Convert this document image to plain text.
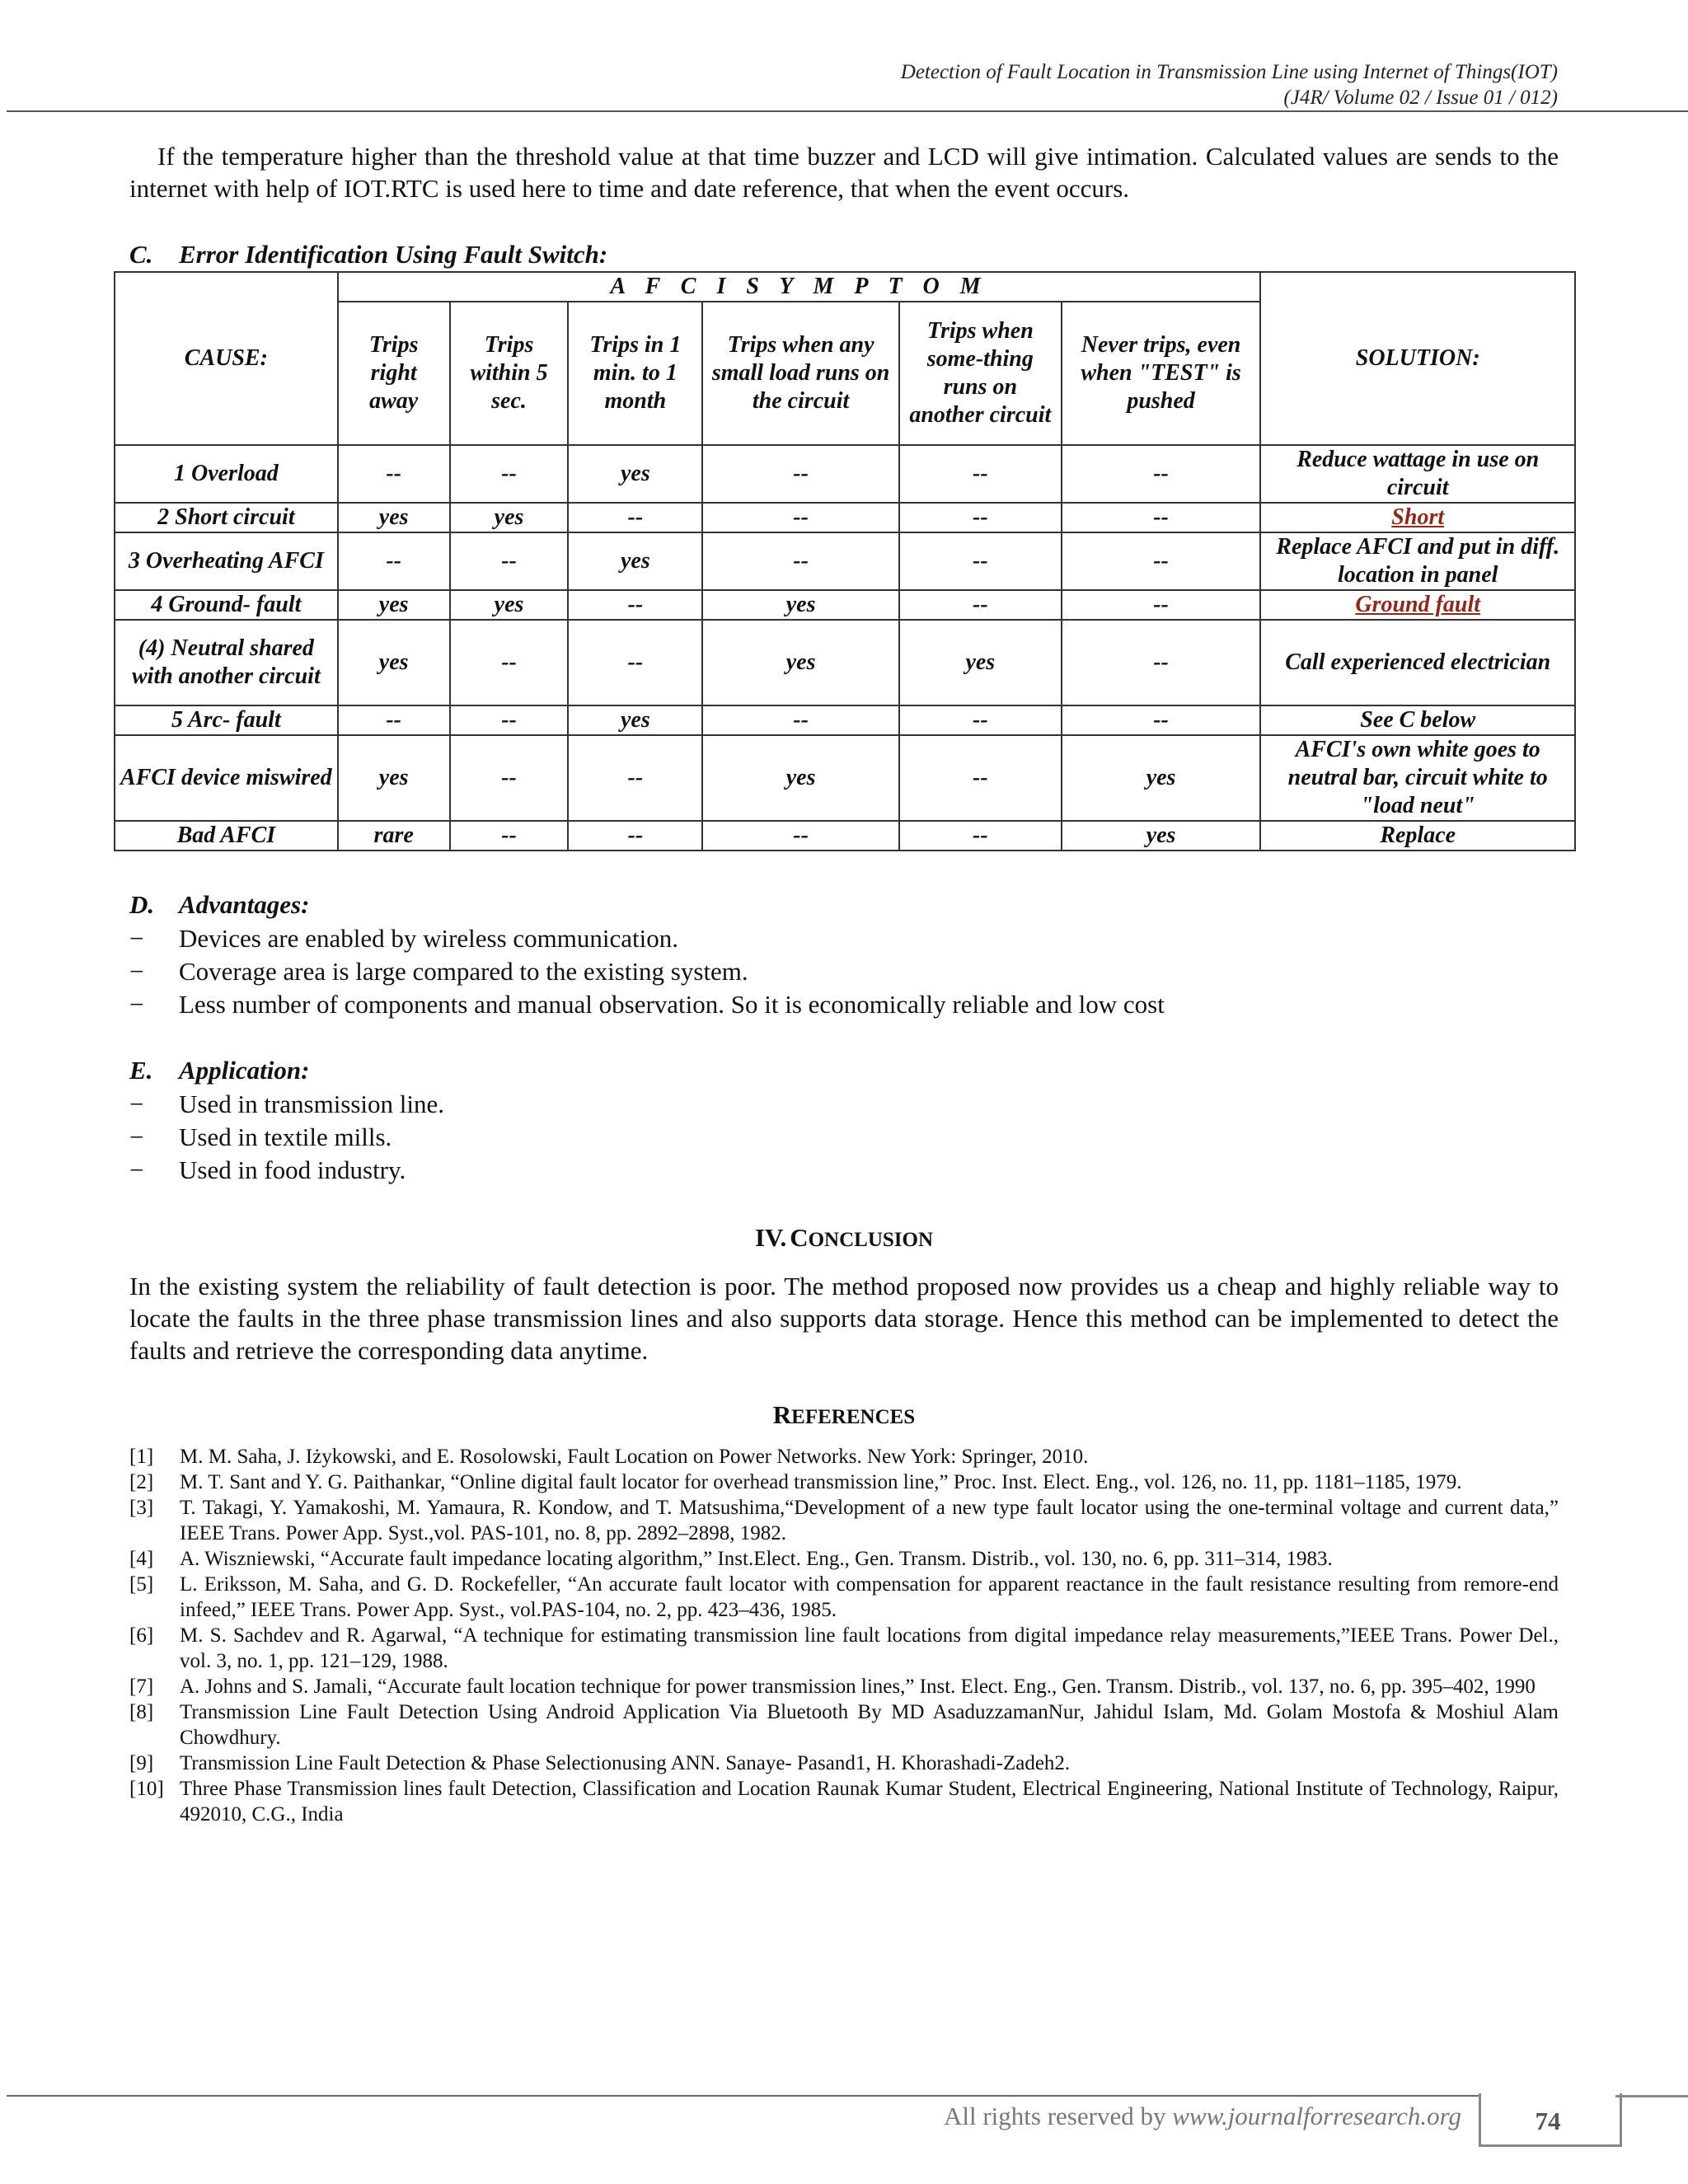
Detection of Fault Location in Transmission Line using Internet of Things(IOT)
(J4R/ Volume 02 / Issue 01 / 012)
If the temperature higher than the threshold value at that time buzzer and LCD will give intimation. Calculated values are sends to the internet with help of IOT.RTC is used here to time and date reference, that when the event occurs.
C. Error Identification Using Fault Switch:
CAUSE:	A F C I S Y M P T O M						SOLUTION:
	Trips right away	Trips within 5 sec.	Trips in 1 min. to 1 month	Trips when any small load runs on the circuit	Trips when some-thing runs on another circuit	Never trips, even when "TEST" is pushed	
1 Overload	--	--	yes	--	--	--	Reduce wattage in use on circuit
2 Short circuit	yes	yes	--	--	--	--	Short
3 Overheating AFCI	--	--	yes	--	--	--	Replace AFCI and put in diff. location in panel
4 Ground- fault	yes	yes	--	yes	--	--	Ground fault
(4) Neutral shared with another circuit	yes	--	--	yes	yes	--	Call experienced electrician
5 Arc- fault	--	--	yes	--	--	--	See C below
AFCI device miswired	yes	--	--	yes	--	yes	AFCI's own white goes to neutral bar, circuit white to "load neut"
Bad AFCI	rare	--	--	--	--	yes	Replace
D. Advantages:
− Devices are enabled by wireless communication.
− Coverage area is large compared to the existing system.
− Less number of components and manual observation. So it is economically reliable and low cost
E. Application:
− Used in transmission line.
− Used in textile mills.
− Used in food industry.
IV. CONCLUSION
In the existing system the reliability of fault detection is poor. The method proposed now provides us a cheap and highly reliable way to locate the faults in the three phase transmission lines and also supports data storage. Hence this method can be implemented to detect the faults and retrieve the corresponding data anytime.
REFERENCES
[1] M. M. Saha, J. Iżykowski, and E. Rosolowski, Fault Location on Power Networks. New York: Springer, 2010.
[2] M. T. Sant and Y. G. Paithankar, “Online digital fault locator for overhead transmission line,” Proc. Inst. Elect. Eng., vol. 126, no. 11, pp. 1181–1185, 1979.
[3] T. Takagi, Y. Yamakoshi, M. Yamaura, R. Kondow, and T. Matsushima,“Development of a new type fault locator using the one-terminal voltage and current data,” IEEE Trans. Power App. Syst.,vol. PAS-101, no. 8, pp. 2892–2898, 1982.
[4] A. Wiszniewski, “Accurate fault impedance locating algorithm,” Inst.Elect. Eng., Gen. Transm. Distrib., vol. 130, no. 6, pp. 311–314, 1983.
[5] L. Eriksson, M. Saha, and G. D. Rockefeller, “An accurate fault locator with compensation for apparent reactance in the fault resistance resulting from remore-end infeed,” IEEE Trans. Power App. Syst., vol.PAS-104, no. 2, pp. 423–436, 1985.
[6] M. S. Sachdev and R. Agarwal, “A technique for estimating transmission line fault locations from digital impedance relay measurements,”IEEE Trans. Power Del., vol. 3, no. 1, pp. 121–129, 1988.
[7] A. Johns and S. Jamali, “Accurate fault location technique for power transmission lines,” Inst. Elect. Eng., Gen. Transm. Distrib., vol. 137, no. 6, pp. 395–402, 1990
[8] Transmission Line Fault Detection Using Android Application Via Bluetooth By MD AsaduzzamanNur, Jahidul Islam, Md. Golam Mostofa & Moshiul Alam Chowdhury.
[9] Transmission Line Fault Detection & Phase Selectionusing ANN. Sanaye- Pasand1, H. Khorashadi-Zadeh2.
[10] Three Phase Transmission lines fault Detection, Classification and Location Raunak Kumar Student, Electrical Engineering, National Institute of Technology, Raipur, 492010, C.G., India
All rights reserved by www.journalforresearch.org	74
